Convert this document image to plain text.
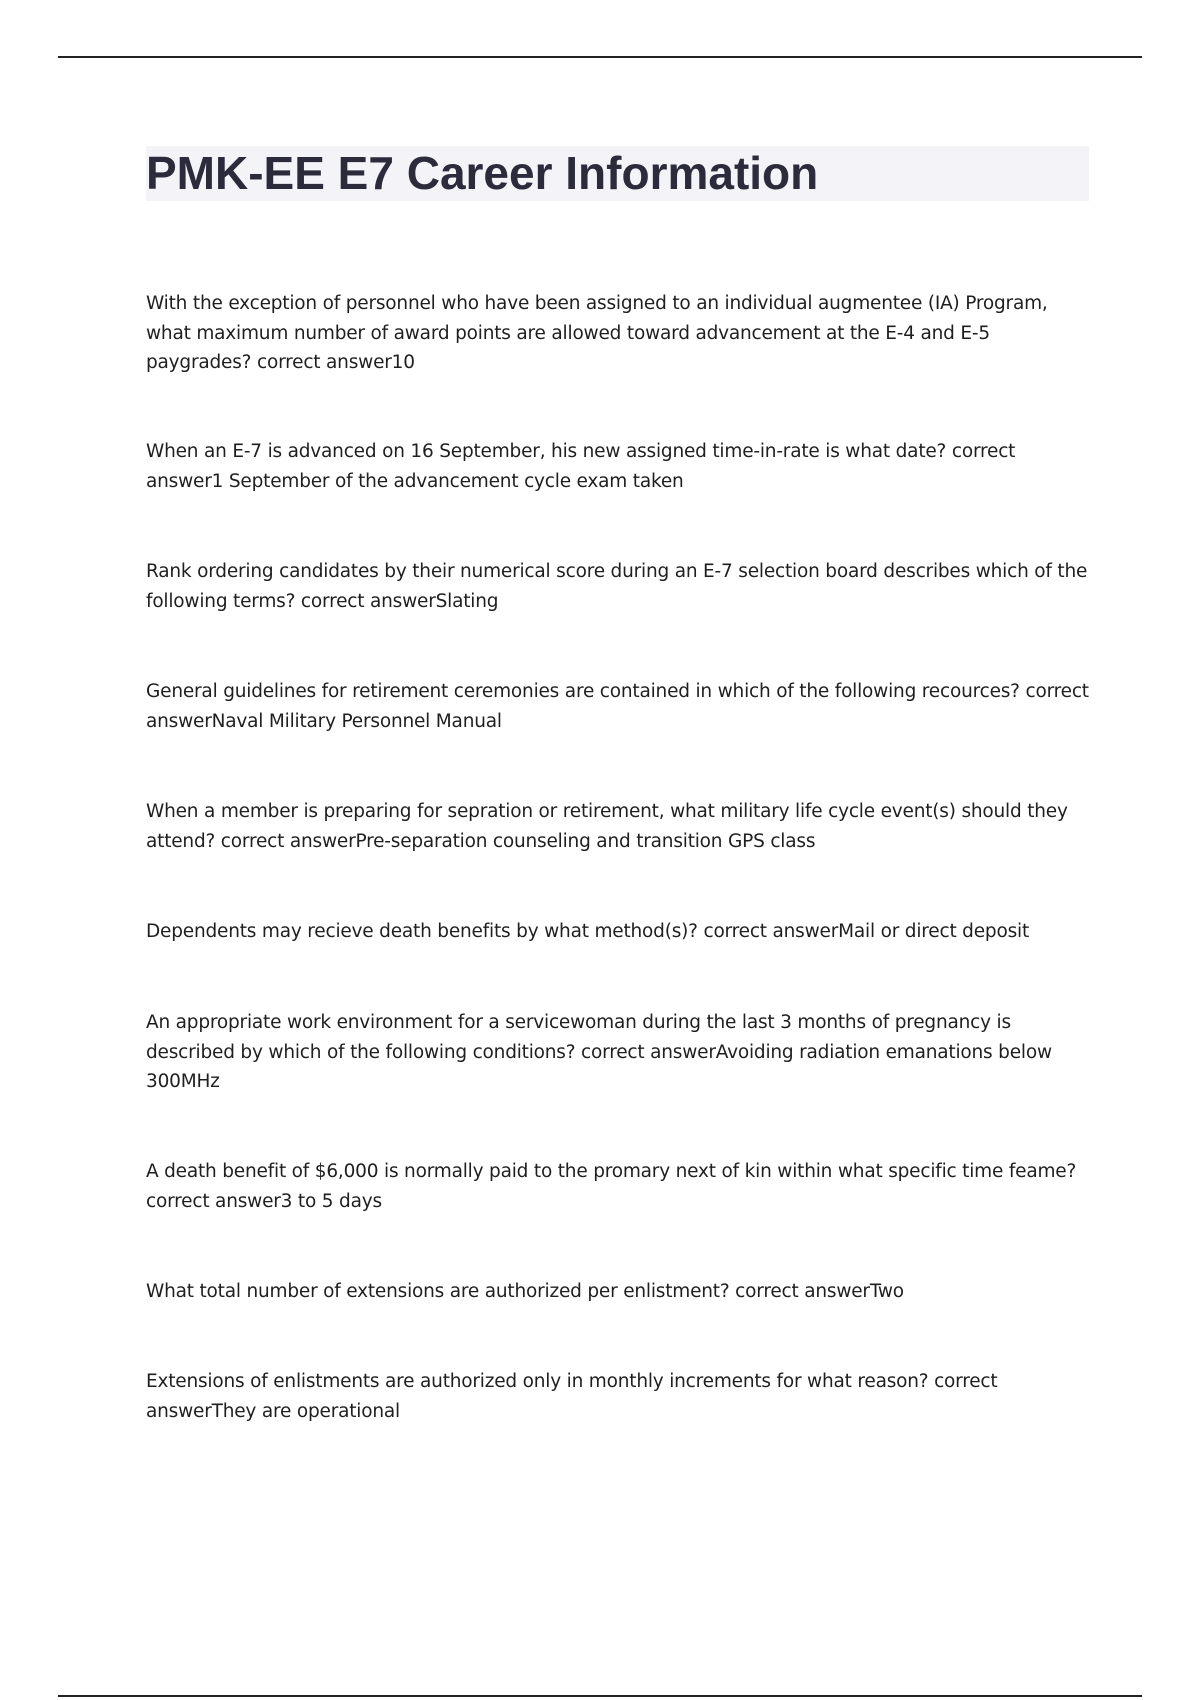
PMK-EE E7 Career Information

With the exception of personnel who have been assigned to an individual augmentee (IA) Program, what maximum number of award points are allowed toward advancement at the E-4 and E-5 paygrades? correct answer10

When an E-7 is advanced on 16 September, his new assigned time-in-rate is what date? correct answer1 September of the advancement cycle exam taken

Rank ordering candidates by their numerical score during an E-7 selection board describes which of the following terms? correct answerSlating

General guidelines for retirement ceremonies are contained in which of the following recources? correct answerNaval Military Personnel Manual

When a member is preparing for sepration or retirement, what military life cycle event(s) should they attend? correct answerPre-separation counseling and transition GPS class

Dependents may recieve death benefits by what method(s)? correct answerMail or direct deposit

An appropriate work environment for a servicewoman during the last 3 months of pregnancy is described by which of the following conditions? correct answerAvoiding radiation emanations below 300MHz

A death benefit of $6,000 is normally paid to the promary next of kin within what specific time feame? correct answer3 to 5 days

What total number of extensions are authorized per enlistment? correct answerTwo

Extensions of enlistments are authorized only in monthly increments for what reason? correct answerThey are operational
